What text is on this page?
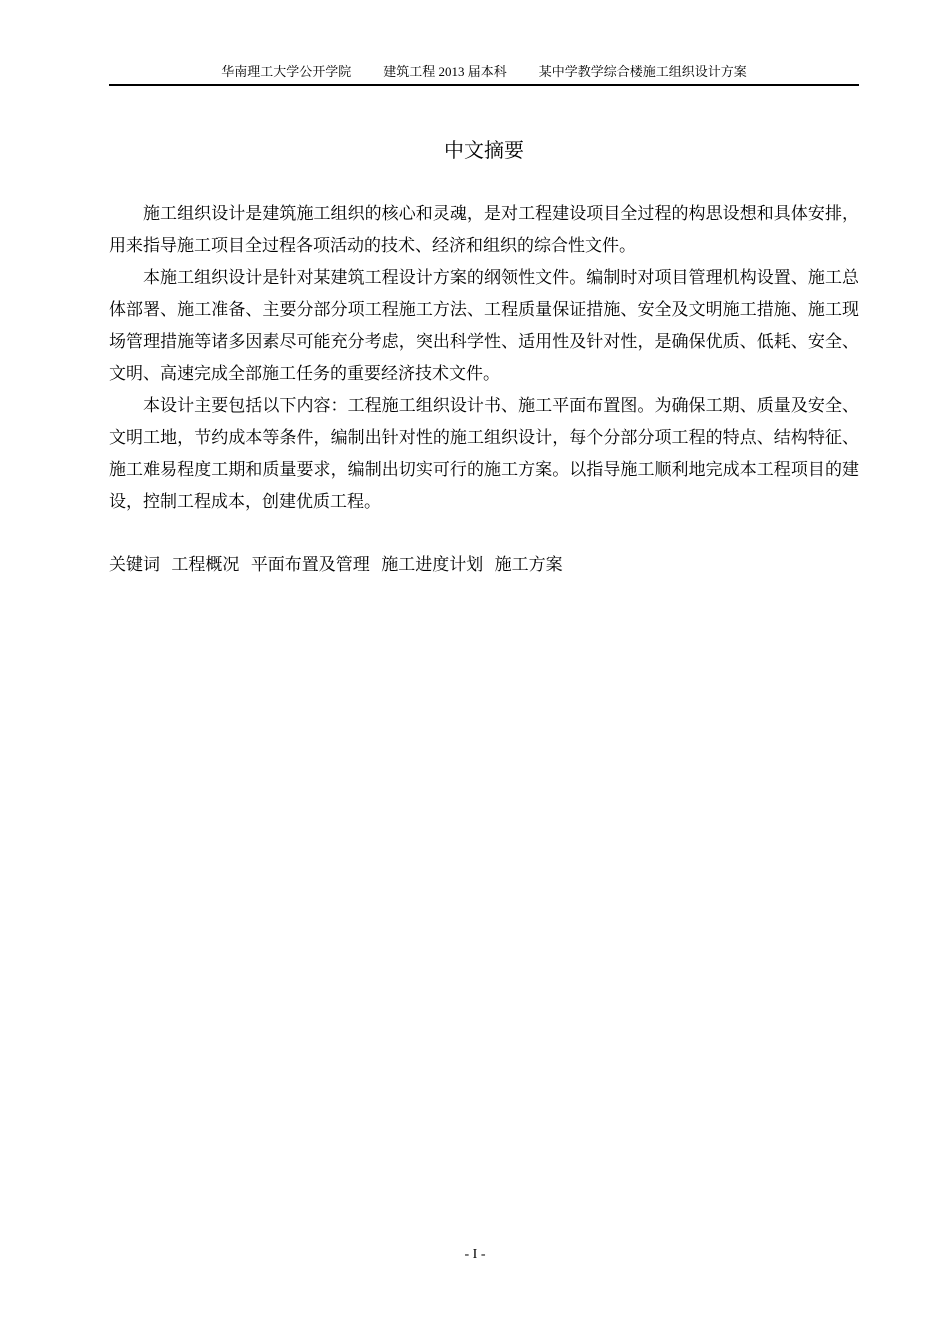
华南理工大学公开学院 建筑工程 2013 届本科 某中学教学综合楼施工组织设计方案
中文摘要

施工组织设计是建筑施工组织的核心和灵魂，是对工程建设项目全过程的构思设想和具体安排，用来指导施工项目全过程各项活动的技术、经济和组织的综合性文件。

本施工组织设计是针对某建筑工程设计方案的纲领性文件。编制时对项目管理机构设置、施工总体部署、施工准备、主要分部分项工程施工方法、工程质量保证措施、安全及文明施工措施、施工现场管理措施等诸多因素尽可能充分考虑，突出科学性、适用性及针对性，是确保优质、低耗、安全、文明、高速完成全部施工任务的重要经济技术文件。

本设计主要包括以下内容：工程施工组织设计书、施工平面布置图。为确保工期、质量及安全、文明工地，节约成本等条件，编制出针对性的施工组织设计，每个分部分项工程的特点、结构特征、施工难易程度工期和质量要求，编制出切实可行的施工方案。以指导施工顺利地完成本工程项目的建设，控制工程成本，创建优质工程。

关键词 工程概况 平面布置及管理 施工进度计划 施工方案
- I -
